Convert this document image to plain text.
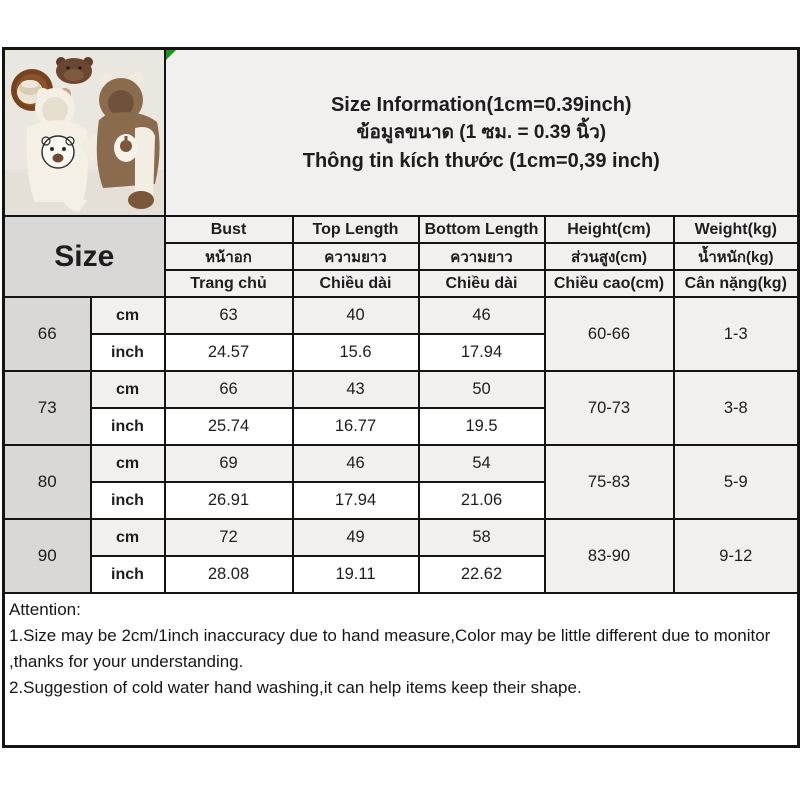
Size Information(1cm=0.39inch)
ข้อมูลขนาด (1 ซม. = 0.39 นิ้ว)
Thông tin kích thước (1cm=0,39 inch)				

Size		Bust	Top Length	Bottom Length	Height(cm)	Weight(kg)
		หน้าอก	ความยาว	ความยาว	ส่วนสูง(cm)	น้ำหนัก(kg)
		Trang chủ	Chiều dài	Chiều dài	Chiều cao(cm)	Cân nặng(kg)
66	cm	63	40	46	60-66	1-3
	inch	24.57	15.6	17.94		
73	cm	66	43	50	70-73	3-8
	inch	25.74	16.77	19.5		
80	cm	69	46	54	75-83	5-9
	inch	26.91	17.94	21.06		
90	cm	72	49	58	83-90	9-12
	inch	28.08	19.11	22.62		

Attention:
1.Size may be 2cm/1inch inaccuracy due to hand measure,Color may be little different due to monitor ,thanks for your understanding.
2.Suggestion of cold water hand washing,it can help items keep their shape.						
